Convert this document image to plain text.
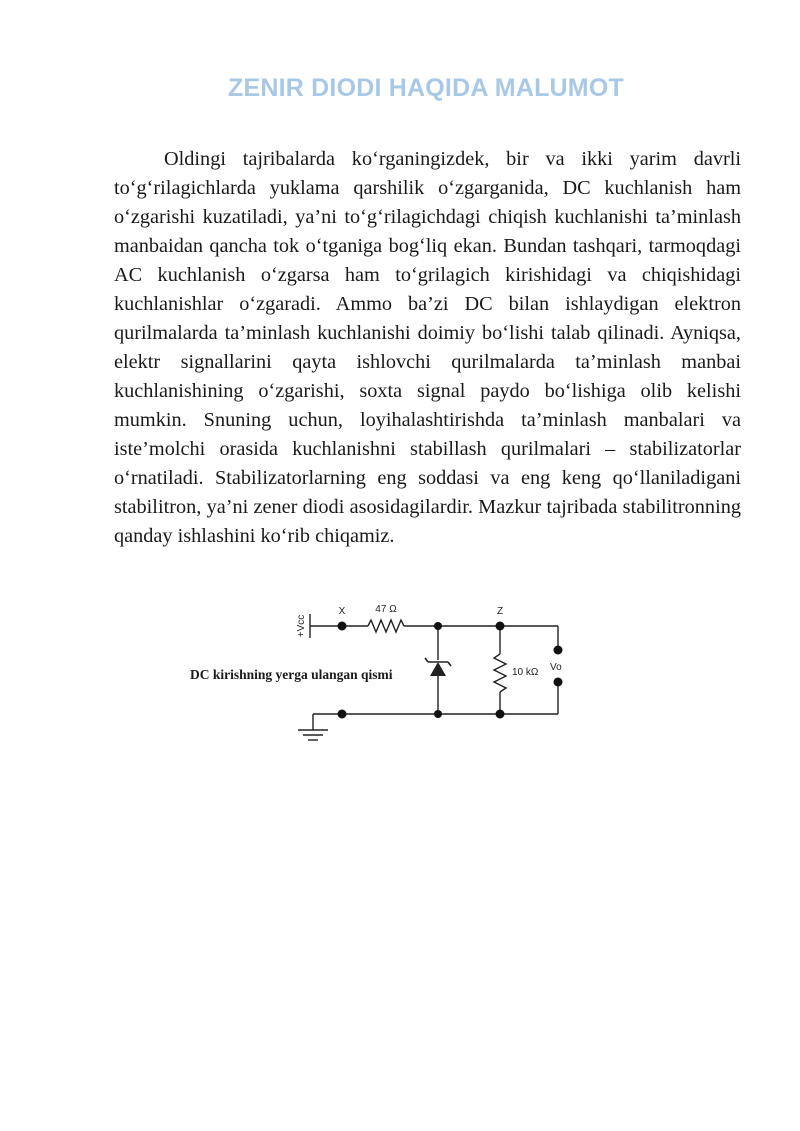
ZENIR DIODI HAQIDA MALUMOT

Oldingi tajribalarda ko‘rganingizdek, bir va ikki yarim davrli to‘g‘rilagichlarda yuklama qarshilik o‘zgarganida, DC kuchlanish ham o‘zgarishi kuzatiladi, ya’ni to‘g‘rilagichdagi chiqish kuchlanishi ta’minlash manbaidan qancha tok o‘tganiga bog‘liq ekan. Bundan tashqari, tarmoqdagi AC kuchlanish o‘zgarsa ham to‘grilagich kirishidagi va chiqishidagi kuchlanishlar o‘zgaradi. Ammo ba’zi DC bilan ishlaydigan elektron qurilmalarda ta’minlash kuchlanishi doimiy bo‘lishi talab qilinadi. Ayniqsa, elektr signallarini qayta ishlovchi qurilmalarda ta’minlash manbai kuchlanishining o‘zgarishi, soxta signal paydo bo‘lishiga olib kelishi mumkin. Snuning uchun, loyihalashtirishda ta’minlash manbalari va iste’molchi orasida kuchlanishni stabillash qurilmalari – stabilizatorlar o‘rnatiladi. Stabilizatorlarning eng soddasi va eng keng qo‘llaniladigani stabilitron, ya’ni zener diodi asosidagilardir. Mazkur tajribada stabilitronning qanday ishlashini ko‘rib chiqamiz.

+Vcc
X	47 Ω	Z
10 kΩ Vo

DC kirishning yerga ulangan qismi
